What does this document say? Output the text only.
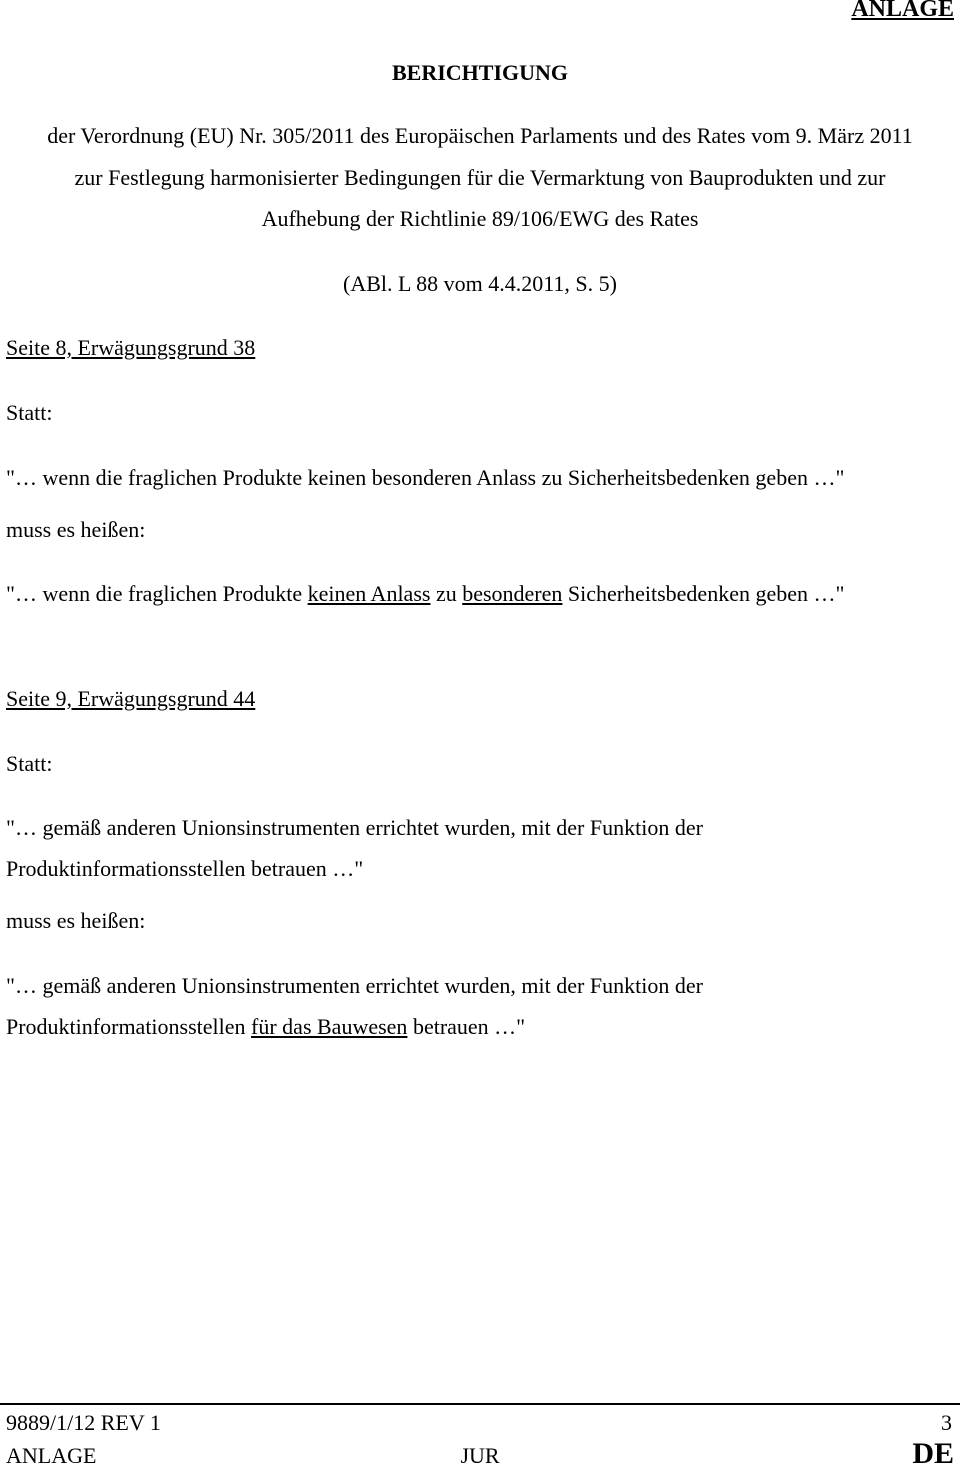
ANLAGE
BERICHTIGUNG
der Verordnung (EU) Nr. 305/2011 des Europäischen Parlaments und des Rates vom 9. März 2011
zur Festlegung harmonisierter Bedingungen für die Vermarktung von Bauprodukten und zur
Aufhebung der Richtlinie 89/106/EWG des Rates
(ABl. L 88 vom 4.4.2011, S. 5)
Seite 8, Erwägungsgrund 38
Statt:
"… wenn die fraglichen Produkte keinen besonderen Anlass zu Sicherheitsbedenken geben …"
muss es heißen:
"… wenn die fraglichen Produkte keinen Anlass zu besonderen Sicherheitsbedenken geben …"
Seite 9, Erwägungsgrund 44
Statt:
"… gemäß anderen Unionsinstrumenten errichtet wurden, mit der Funktion der
Produktinformationsstellen betrauen …"
muss es heißen:
"… gemäß anderen Unionsinstrumenten errichtet wurden, mit der Funktion der
Produktinformationsstellen für das Bauwesen betrauen …"
9889/1/12 REV 1	3
ANLAGE	JUR	DE
